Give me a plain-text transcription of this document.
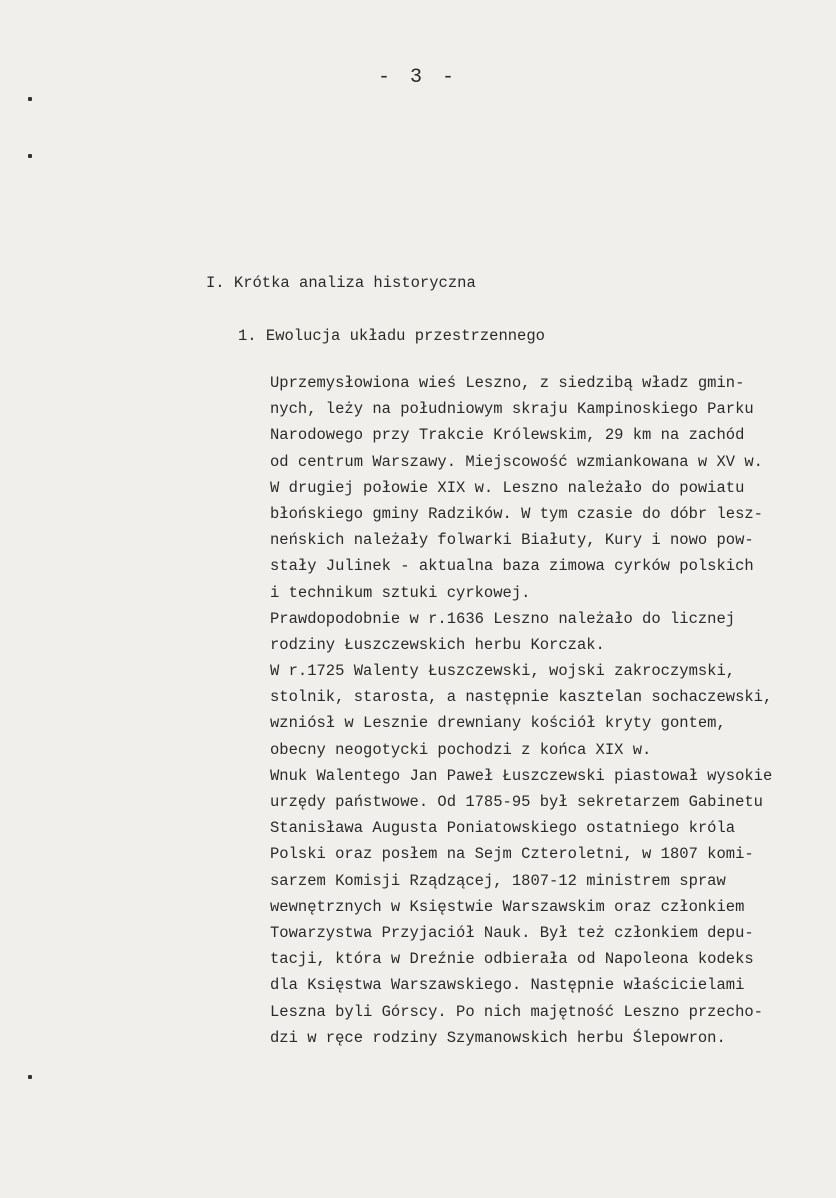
- 3 -
I. Krótka analiza historyczna
1. Ewolucja układu przestrzennego
Uprzemysłowiona wieś Leszno, z siedzibą władz gmin-
nych, leży na południowym skraju Kampinoskiego Parku
Narodowego przy Trakcie Królewskim, 29 km na zachód
od centrum Warszawy. Miejscowość wzmiankowana w XV w.
W drugiej połowie XIX w. Leszno należało do powiatu
błońskiego gminy Radzików. W tym czasie do dóbr lesz-
neńskich należały folwarki Białuty, Kury i nowo pow-
stały Julinek - aktualna baza zimowa cyrków polskich
i technikum sztuki cyrkowej.
Prawdopodobnie w r.1636 Leszno należało do licznej
rodziny Łuszczewskich herbu Korczak.
W r.1725 Walenty Łuszczewski, wojski zakroczymski,
stolnik, starosta, a następnie kasztelan sochaczewski,
wzniósł w Lesznie drewniany kościół kryty gontem,
obecny neogotycki pochodzi z końca XIX w.
Wnuk Walentego Jan Paweł Łuszczewski piastował wysokie
urzędy państwowe. Od 1785-95 był sekretarzem Gabinetu
Stanisława Augusta Poniatowskiego ostatniego króla
Polski oraz posłem na Sejm Czteroletni, w 1807 komi-
sarzem Komisji Rządzącej, 1807-12 ministrem spraw
wewnętrznych w Księstwie Warszawskim oraz członkiem
Towarzystwa Przyjaciół Nauk. Był też członkiem depu-
tacji, która w Dreźnie odbierała od Napoleona kodeks
dla Księstwa Warszawskiego. Następnie właścicielami
Leszna byli Górscy. Po nich majętność Leszno przecho-
dzi w ręce rodziny Szymanowskich herbu Ślepowron.
